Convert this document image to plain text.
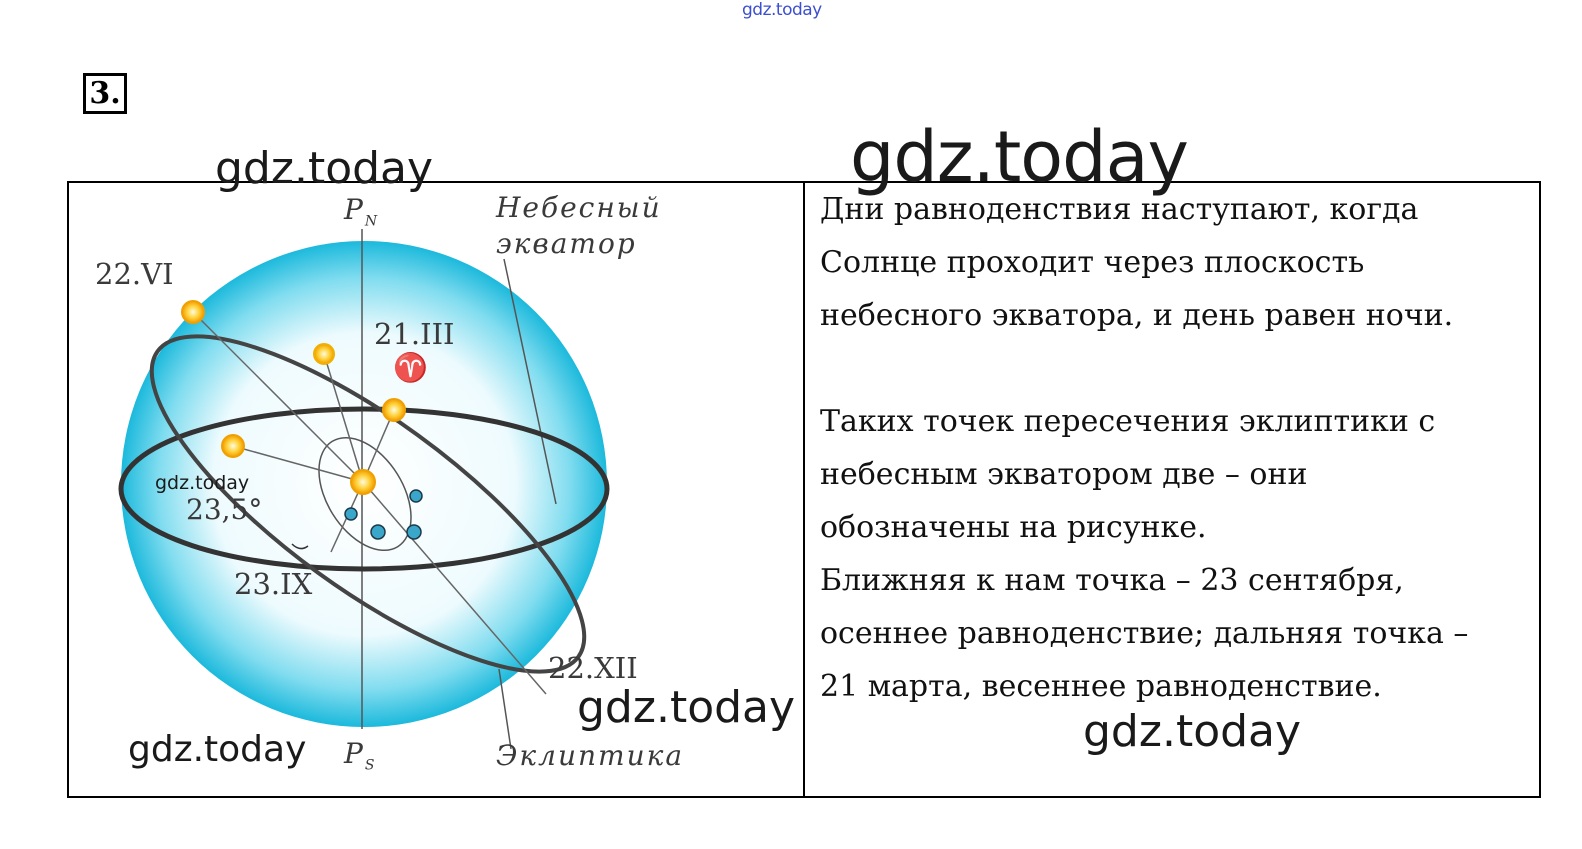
gdz.today
3.
$P_N$
$P_S$
Небесный
экватор
Эклиптика
22.VI
21.III
♈
23.IX
22.XII
23,5°

Дни равноденствия наступают, когда

Солнце проходит через плоскость

небесного экватора, и день равен ночи.

Таких точек пересечения эклиптики с

небесным экватором две – они

обозначены на рисунке.

Ближняя к нам точка – 23 сентября,

осеннее равноденствие; дальняя точка –

21 марта, весеннее равноденствие.

gdz.today
gdz.today
gdz.today
gdz.today	gdz.today
gdz.today
